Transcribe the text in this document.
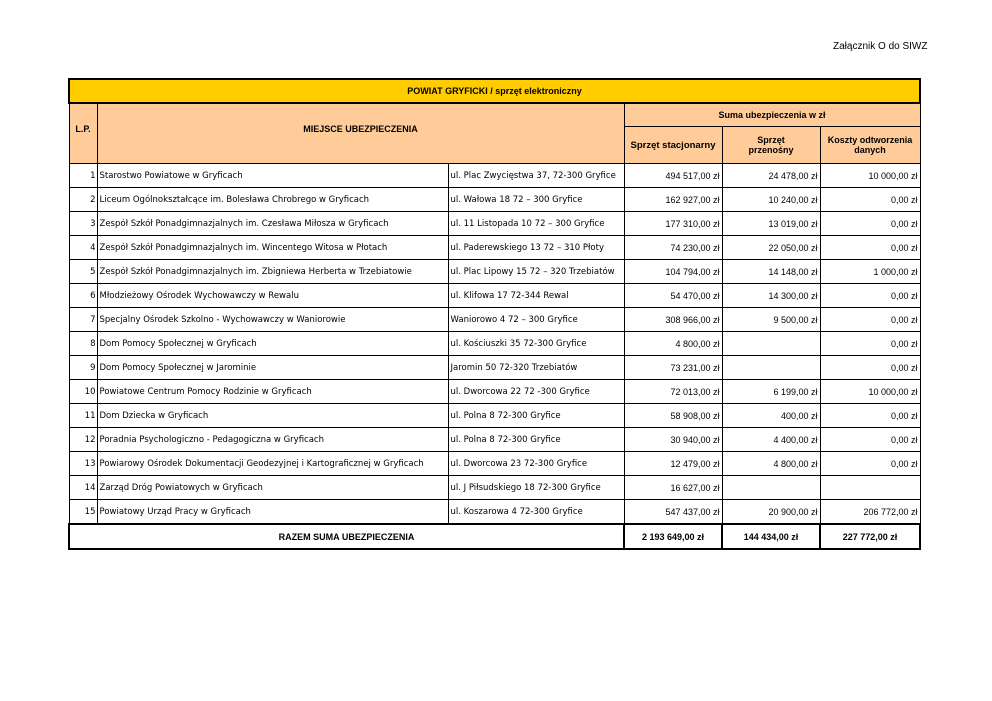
Załącznik O do SIWZ
POWIAT GRYFICKI / sprzęt elektroniczny					
L.P.	MIEJSCE UBEZPIECZENIA		Suma ubezpieczenia w zł		
			Sprzęt stacjonarny	Sprzęt przenośny	Koszty odtworzenia danych
1	Starostwo Powiatowe w Gryficach	ul. Plac Zwycięstwa 37, 72-300 Gryfice	494 517,00 zł	24 478,00 zł	10 000,00 zł
2	Liceum Ogólnokształcące im. Bolesława Chrobrego w Gryficach	ul. Wałowa 18 72 – 300 Gryfice	162 927,00 zł	10 240,00 zł	0,00 zł
3	Zespół Szkół Ponadgimnazjalnych im. Czesława Miłosza w Gryficach	ul. 11 Listopada 10 72 – 300 Gryfice	177 310,00 zł	13 019,00 zł	0,00 zł
4	Zespół Szkół Ponadgimnazjalnych im. Wincentego Witosa w Płotach	ul. Paderewskiego 13 72 – 310 Płoty	74 230,00 zł	22 050,00 zł	0,00 zł
5	Zespół Szkół Ponadgimnazjalnych im. Zbigniewa Herberta w Trzebiatowie	ul. Plac Lipowy 15 72 – 320 Trzebiatów	104 794,00 zł	14 148,00 zł	1 000,00 zł
6	Młodzieżowy Ośrodek Wychowawczy w Rewalu	ul. Klifowa 17 72-344 Rewal	54 470,00 zł	14 300,00 zł	0,00 zł
7	Specjalny Ośrodek Szkolno - Wychowawczy w Waniorowie	Waniorowo 4 72 – 300 Gryfice	308 966,00 zł	9 500,00 zł	0,00 zł
8	Dom Pomocy Społecznej w Gryficach	ul. Kościuszki 35 72-300 Gryfice	4 800,00 zł		0,00 zł
9	Dom Pomocy Społecznej w Jarominie	Jaromin 50 72-320 Trzebiatów	73 231,00 zł		0,00 zł
10	Powiatowe Centrum Pomocy Rodzinie w Gryficach	ul. Dworcowa 22 72 -300 Gryfice	72 013,00 zł	6 199,00 zł	10 000,00 zł
11	Dom Dziecka w Gryficach	ul. Polna 8 72-300 Gryfice	58 908,00 zł	400,00 zł	0,00 zł
12	Poradnia Psychologiczno - Pedagogiczna w Gryficach	ul. Polna 8 72-300 Gryfice	30 940,00 zł	4 400,00 zł	0,00 zł
13	Powiarowy Ośrodek Dokumentacji Geodezyjnej i Kartograficznej w Gryficach	ul. Dworcowa 23 72-300 Gryfice	12 479,00 zł	4 800,00 zł	0,00 zł
14	Zarząd Dróg Powiatowych w Gryficach	ul. J Piłsudskiego 18 72-300 Gryfice	16 627,00 zł		
15	Powiatowy Urząd Pracy w Gryficach	ul. Koszarowa 4 72-300 Gryfice	547 437,00 zł	20 900,00 zł	206 772,00 zł
RAZEM SUMA UBEZPIECZENIA			2 193 649,00 zł	144 434,00 zł	227 772,00 zł
